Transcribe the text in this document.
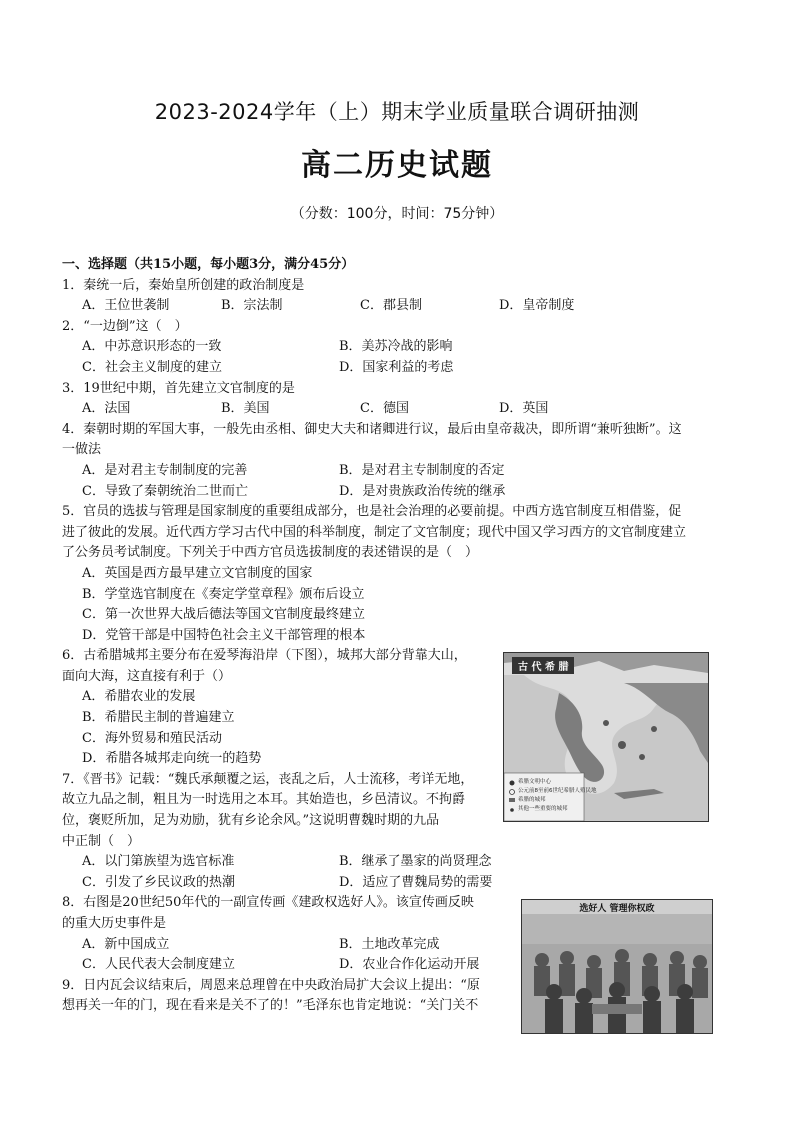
2023-2024学年（上）期末学业质量联合调研抽测
高二历史试题
（分数：100分，时间：75分钟）
一、选择题（共15小题，每小题3分，满分45分）
1．秦统一后，秦始皇所创建的政治制度是
A．王位世袭制	B．宗法制	C．郡县制	D．皇帝制度
2．“一边倒”这（　）
A．中苏意识形态的一致	B．美苏冷战的影响
C．社会主义制度的建立	D．国家利益的考虑
3．19世纪中期，首先建立文官制度的是
A．法国	B．美国	C．德国	D．英国
4．秦朝时期的军国大事，一般先由丞相、御史大夫和诸卿进行议，最后由皇帝裁决，即所谓“兼听独断”。这
一做法
A．是对君主专制制度的完善	B．是对君主专制制度的否定
C．导致了秦朝统治二世而亡	D．是对贵族政治传统的继承
5．官员的选拔与管理是国家制度的重要组成部分，也是社会治理的必要前提。中西方选官制度互相借鉴，促
进了彼此的发展。近代西方学习古代中国的科举制度，制定了文官制度；现代中国又学习西方的文官制度建立
了公务员考试制度。下列关于中西方官员选拔制度的表述错误的是（　）
A．英国是西方最早建立文官制度的国家
B．学堂选官制度在《奏定学堂章程》颁布后设立
C．第一次世界大战后德法等国文官制度最终建立
D．党管干部是中国特色社会主义干部管理的根本
6．古希腊城邦主要分布在爱琴海沿岸（下图），城邦大部分背靠大山，
面向大海，这直接有利于（）
A．希腊农业的发展
B．希腊民主制的普遍建立
C．海外贸易和殖民活动
D．希腊各城邦走向统一的趋势
7．《晋书》记载：“魏氏承颠覆之运，丧乱之后，人士流移，考详无地，
故立九品之制，粗且为一时选用之本耳。其始造也，乡邑清议。不拘爵
位，褒贬所加，足为劝励，犹有乡论余风。”这说明曹魏时期的九品
中正制（　）
A．以门第族望为选官标准	B．继承了墨家的尚贤理念
C．引发了乡民议政的热潮	D．适应了曹魏局势的需要
8．右图是20世纪50年代的一副宣传画《建政权选好人》。该宣传画反映
的重大历史事件是
A．新中国成立	B．土地改革完成
C．人民代表大会制度建立	D．农业合作化运动开展
9．日内瓦会议结束后，周恩来总理曾在中央政治局扩大会议上提出：“原
想再关一年的门，现在看来是关不了的！”毛泽东也肯定地说：“关门关不
古 代 希 腊
希腊文明中心
公元前8至前6世纪希腊人殖民地
希腊的城邦
其他一些重要的城邦
选好人 管理你权政
